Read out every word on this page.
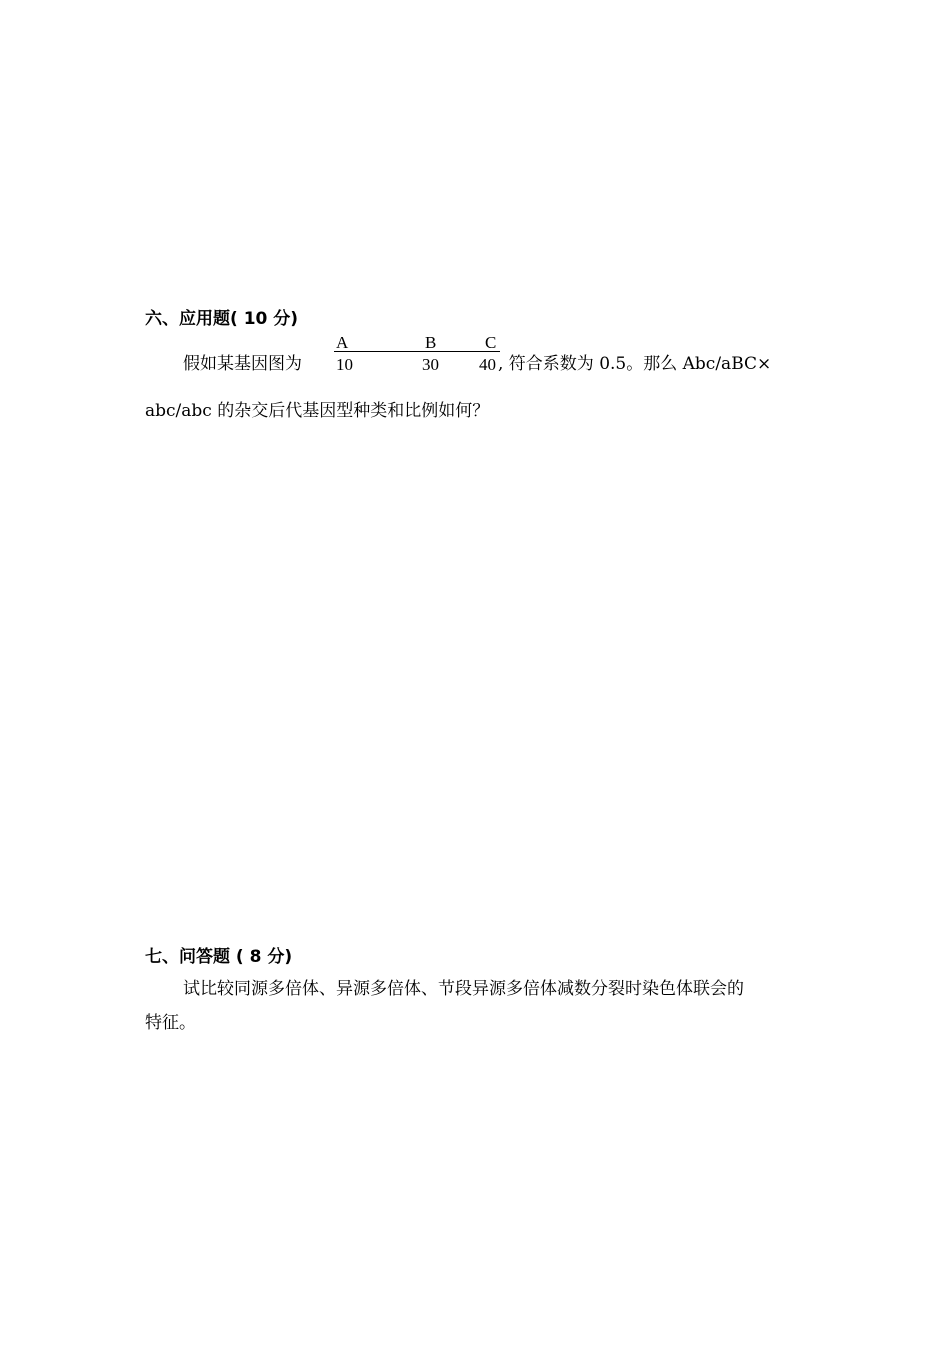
六、应用题( 10 分)
假如某基因图为
A	B	C
10	30 40 , 符合系数为 0.5。那么 Abc/aBC×
abc/abc 的杂交后代基因型种类和比例如何？
七、问答题 ( 8 分)
试比较同源多倍体、异源多倍体、节段异源多倍体减数分裂时染色体联会的
特征。
